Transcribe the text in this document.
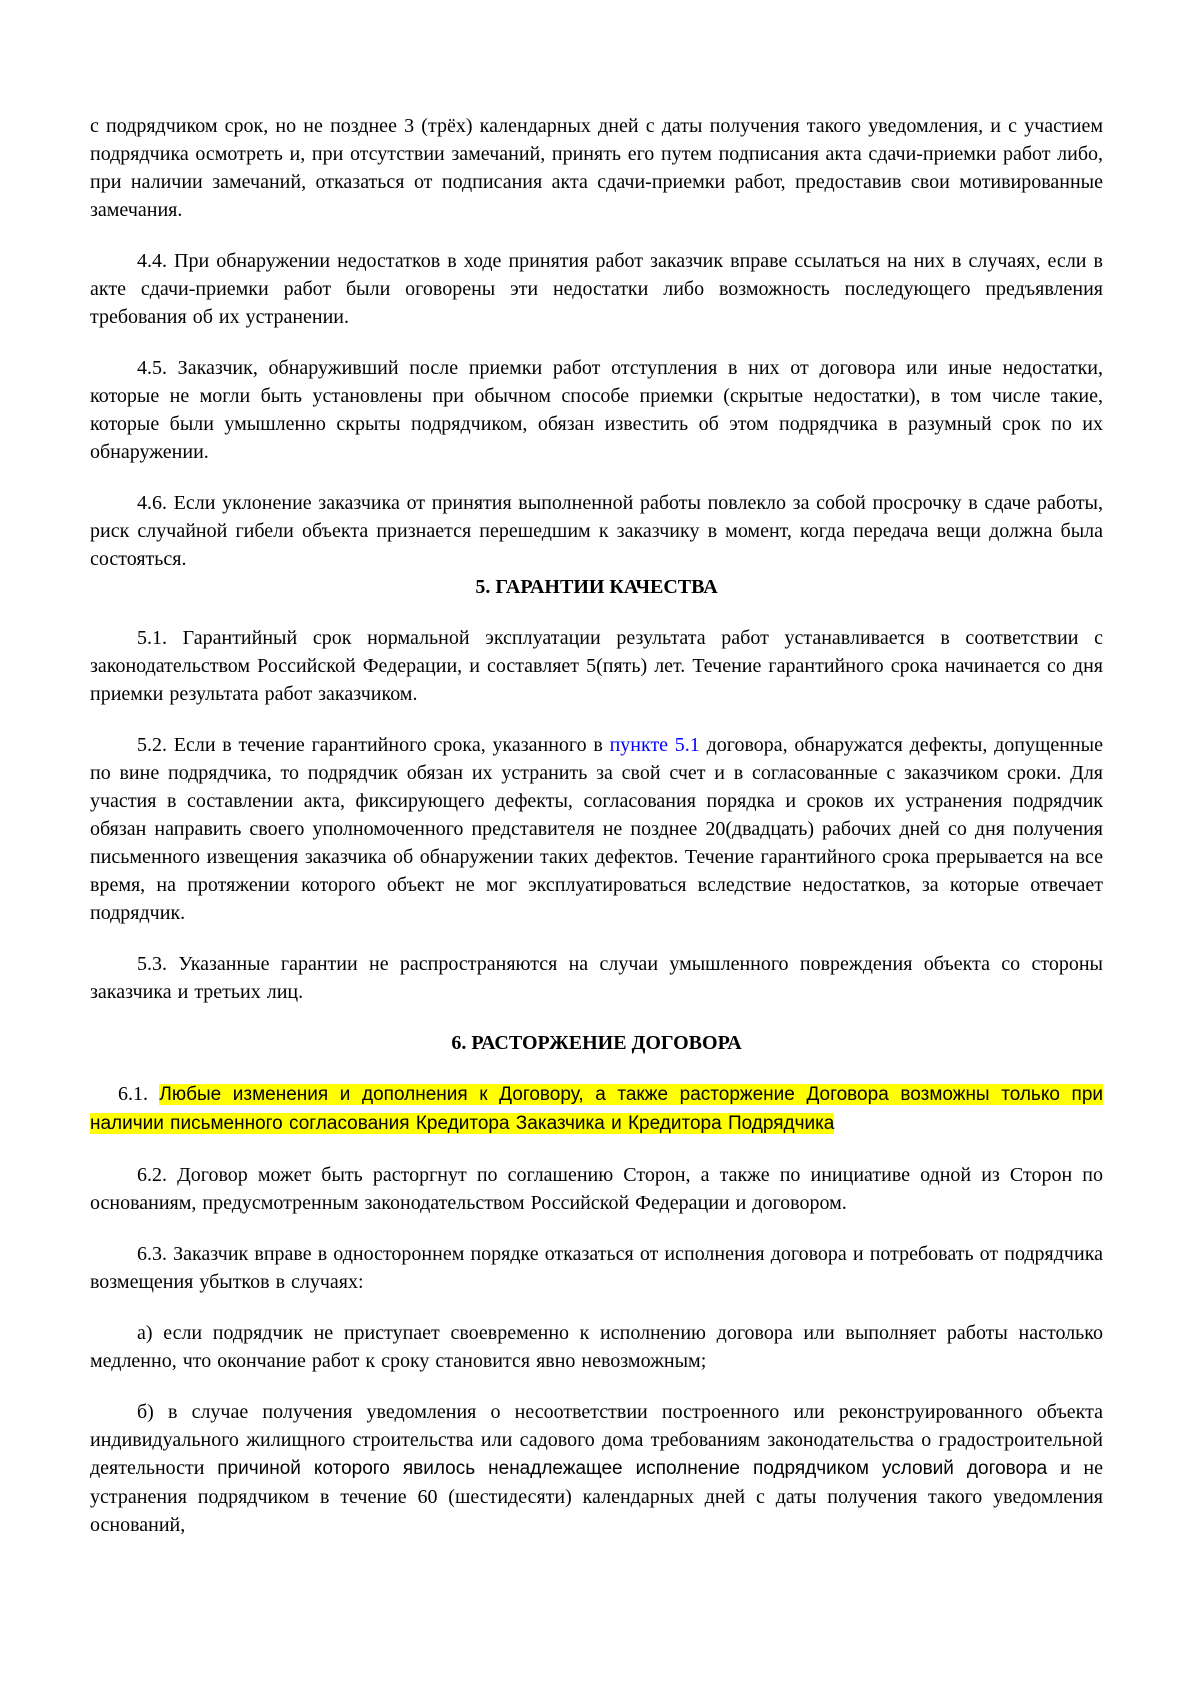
с подрядчиком срок, но не позднее 3 (трёх) календарных дней с даты получения такого уведомления, и с участием подрядчика осмотреть и, при отсутствии замечаний, принять его путем подписания акта сдачи-приемки работ либо, при наличии замечаний, отказаться от подписания акта сдачи-приемки работ, предоставив свои мотивированные замечания.
4.4. При обнаружении недостатков в ходе принятия работ заказчик вправе ссылаться на них в случаях, если в акте сдачи-приемки работ были оговорены эти недостатки либо возможность последующего предъявления требования об их устранении.
4.5. Заказчик, обнаруживший после приемки работ отступления в них от договора или иные недостатки, которые не могли быть установлены при обычном способе приемки (скрытые недостатки), в том числе такие, которые были умышленно скрыты подрядчиком, обязан известить об этом подрядчика в разумный срок по их обнаружении.
4.6. Если уклонение заказчика от принятия выполненной работы повлекло за собой просрочку в сдаче работы, риск случайной гибели объекта признается перешедшим к заказчику в момент, когда передача вещи должна была состояться.
5. ГАРАНТИИ КАЧЕСТВА
5.1. Гарантийный срок нормальной эксплуатации результата работ устанавливается в соответствии с законодательством Российской Федерации, и составляет 5(пять) лет. Течение гарантийного срока начинается со дня приемки результата работ заказчиком.
5.2. Если в течение гарантийного срока, указанного в пункте 5.1 договора, обнаружатся дефекты, допущенные по вине подрядчика, то подрядчик обязан их устранить за свой счет и в согласованные с заказчиком сроки. Для участия в составлении акта, фиксирующего дефекты, согласования порядка и сроков их устранения подрядчик обязан направить своего уполномоченного представителя не позднее 20(двадцать) рабочих дней со дня получения письменного извещения заказчика об обнаружении таких дефектов. Течение гарантийного срока прерывается на все время, на протяжении которого объект не мог эксплуатироваться вследствие недостатков, за которые отвечает подрядчик.
5.3. Указанные гарантии не распространяются на случаи умышленного повреждения объекта со стороны заказчика и третьих лиц.
6. РАСТОРЖЕНИЕ ДОГОВОРА
6.1. Любые изменения и дополнения к Договору, а также расторжение Договора возможны только при наличии письменного согласования Кредитора Заказчика и Кредитора Подрядчика
6.2. Договор может быть расторгнут по соглашению Сторон, а также по инициативе одной из Сторон по основаниям, предусмотренным законодательством Российской Федерации и договором.
6.3. Заказчик вправе в одностороннем порядке отказаться от исполнения договора и потребовать от подрядчика возмещения убытков в случаях:
а) если подрядчик не приступает своевременно к исполнению договора или выполняет работы настолько медленно, что окончание работ к сроку становится явно невозможным;
б) в случае получения уведомления о несоответствии построенного или реконструированного объекта индивидуального жилищного строительства или садового дома требованиям законодательства о градостроительной деятельности причиной которого явилось ненадлежащее исполнение подрядчиком условий договора и не устранения подрядчиком в течение 60 (шестидесяти) календарных дней с даты получения такого уведомления оснований,
